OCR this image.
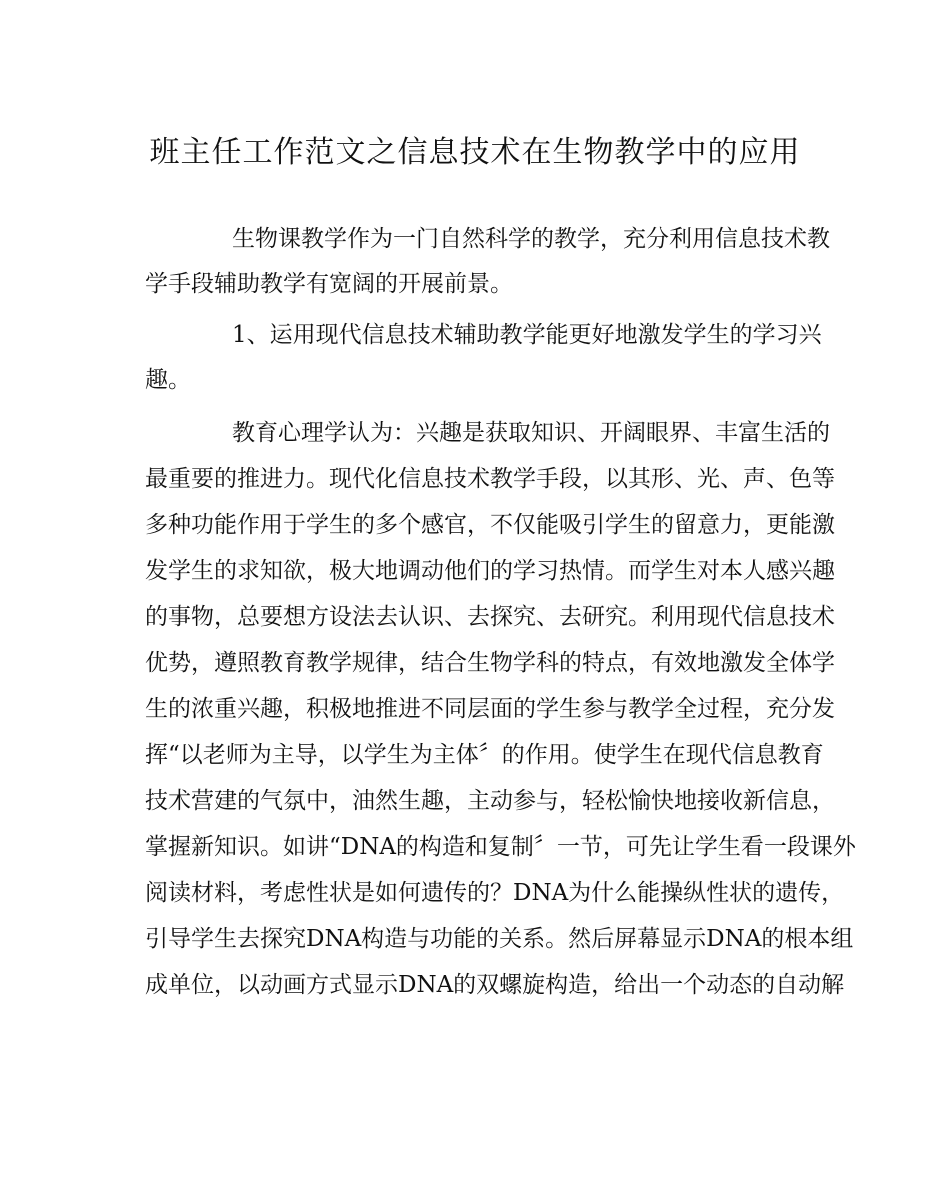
班主任工作范文之信息技术在生物教学中的应用

生物课教学作为一门自然科学的教学，充分利用信息技术教

学手段辅助教学有宽阔的开展前景。

1、运用现代信息技术辅助教学能更好地激发学生的学习兴

趣。

教育心理学认为：兴趣是获取知识、开阔眼界、丰富生活的

最重要的推进力。现代化信息技术教学手段，以其形、光、声、色等

多种功能作用于学生的多个感官，不仅能吸引学生的留意力，更能激

发学生的求知欲，极大地调动他们的学习热情。而学生对本人感兴趣

的事物，总要想方设法去认识、去探究、去研究。利用现代信息技术

优势，遵照教育教学规律，结合生物学科的特点，有效地激发全体学

生的浓重兴趣，积极地推进不同层面的学生参与教学全过程，充分发

挥“以老师为主导，以学生为主体〞的作用。使学生在现代信息教育

技术营建的气氛中，油然生趣，主动参与，轻松愉快地接收新信息，

掌握新知识。如讲“DNA的构造和复制〞一节，可先让学生看一段课外

阅读材料，考虑性状是如何遗传的？DNA为什么能操纵性状的遗传，

引导学生去探究DNA构造与功能的关系。然后屏幕显示DNA的根本组

成单位，以动画方式显示DNA的双螺旋构造，给出一个动态的自动解
